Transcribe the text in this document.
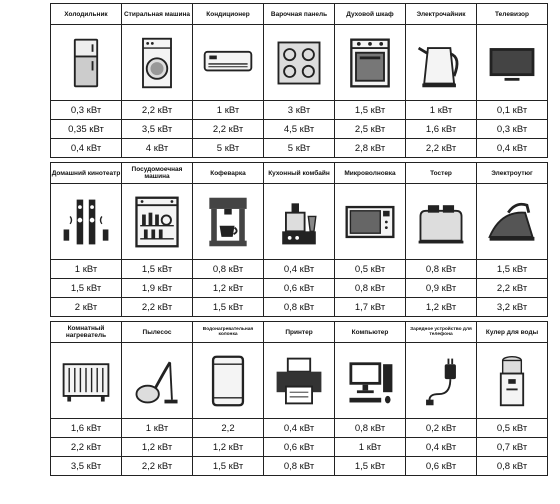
Холодильник	Стиральная машина	Кондиционер	Варочная панель	Духовой шкаф	Электрочайник	Телевизор

0,3 кВт	2,2 кВт	1 кВт	3 кВт	1,5 кВт	1 кВт	0,1 кВт
0,35 кВт	3,5 кВт	2,2 кВт	4,5 кВт	2,5 кВт	1,6 кВт	0,3 кВт
0,4 кВт	4 кВт	5 кВт	5 кВт	2,8 кВт	2,2 кВт	0,4 кВт

Домашний кинотеатр	Посудомоечная машина	Кофеварка	Кухонный комбайн	Микроволновка	Тостер	Электроутюг

1 кВт	1,5 кВт	0,8 кВт	0,4 кВт	0,5 кВт	0,8 кВт	1,5 кВт
1,5 кВт	1,9 кВт	1,2 кВт	0,6 кВт	0,8 кВт	0,9 кВт	2,2 кВт
2 кВт	2,2 кВт	1,5 кВт	0,8 кВт	1,7 кВт	1,2 кВт	3,2 кВт

Комнатный нагреватель	Пылесос	Водонагревательная колонка	Принтер	Компьютер	Зарядное устройство для телефона	Кулер для воды

1,6 кВт	1 кВт	2,2	0,4 кВт	0,8 кВт	0,2 кВт	0,5 кВт
2,2 кВт	1,2 кВт	1,2 кВт	0,6 кВт	1 кВт	0,4 кВт	0,7 кВт
3,5 кВт	2,2 кВт	1,5 кВт	0,8 кВт	1,5 кВт	0,6 кВт	0,8 кВт
